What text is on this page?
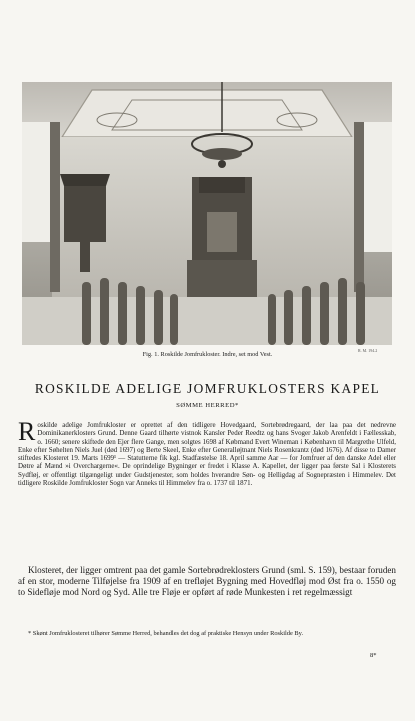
R. M. 194.2
Fig. 1. Roskilde Jomfrukloster. Indre, set mod Vest.
ROSKILDE ADELIGE JOMFRUKLOSTERS KAPEL
SØMME HERRED*
R oskilde adelige Jomfrukloster er oprettet af den tidligere Hovedgaard, Sortebrødregaard, der laa paa det nedrevne Dominikanerklosters Grund. Denne Gaard tilhørte vistnok Kansler Peder Reedtz og hans Svoger Jakob Arenfeldt i Fællesskab, o. 1660; senere skiftede den Ejer flere Gange, men solgtes 1698 af Købmand Evert Wineman i København til Margrethe Ulfeld, Enke efter Søhelten Niels Juel (død 1697) og Berte Skeel, Enke efter Generalløjtnant Niels Rosenkrantz (død 1676). Af disse to Damer stiftedes Klosteret 19. Marts 1699¹ — Statutterne fik kgl. Stadfæstelse 18. April samme Aar — for Jomfruer af den danske Adel eller Døtre af Mænd »i Overchargerne«. De oprindelige Bygninger er fredet i Klasse A. Kapellet, der ligger paa første Sal i Klosterets Sydfløj, er offentligt tilgængeligt under Gudstjenester, som holdes hverandre Søn- og Helligdag af Sognepræsten i Himmelev. Det tidligere Roskilde Jomfrukloster Sogn var Anneks til Himmelev fra o. 1737 til 1871.
Klosteret, der ligger omtrent paa det gamle Sortebrødreklosters Grund (sml. S. 159), bestaar foruden af en stor, moderne Tilføjelse fra 1909 af en trefløjet Bygning med Hovedfløj mod Øst fra o. 1550 og to Sidefløje mod Nord og Syd. Alle tre Fløje er opført af røde Munkesten i ret regelmæssigt
* Skønt Jomfruklosteret tilhører Sømme Herred, behandles det dog af praktiske Hensyn under Roskilde By.
8*
